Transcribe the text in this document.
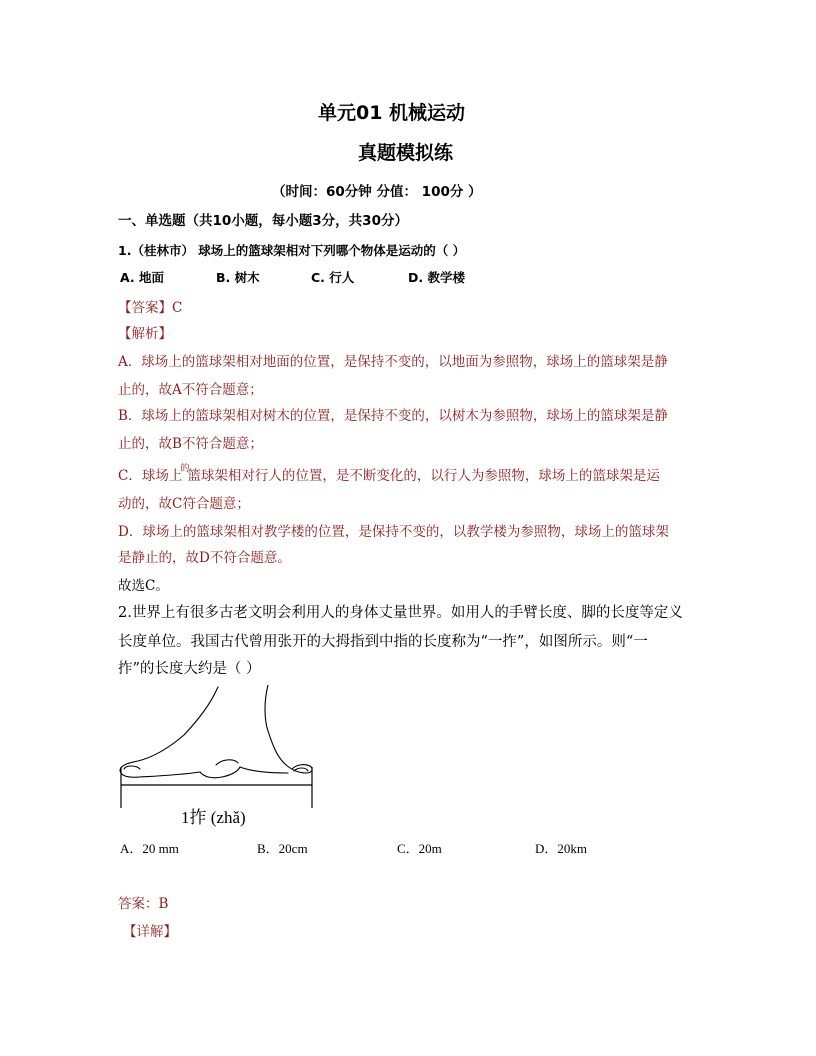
单元01 机械运动
真题模拟练
（时间：60分钟 分值： 100分 ）
一、单选题（共10小题，每小题3分，共30分）
1.（桂林市） 球场上的篮球架相对下列哪个物体是运动的（ ）
A. 地面	B. 树木	C. 行人	D. 教学楼
【答案】C
【解析】
A．球场上的篮球架相对地面的位置，是保持不变的，以地面为参照物，球场上的篮球架是静
止的，故A不符合题意；
B．球场上的篮球架相对树木的位置，是保持不变的，以树木为参照物，球场上的篮球架是静
止的，故B不符合题意；
C．球场上$^的$篮球架相对行人的位置，是不断变化的，以行人为参照物，球场上的篮球架是运
动的，故C符合题意；
D．球场上的篮球架相对教学楼的位置，是保持不变的，以教学楼为参照物，球场上的篮球架
是静止的，故D不符合题意。
故选C。
2.世界上有很多古老文明会利用人的身体丈量世界。如用人的手臂长度、脚的长度等定义
长度单位。我国古代曾用张开的大拇指到中指的长度称为“一拃”，如图所示。则“一
拃”的长度大约是（ ）
1拃 (zhǎ)
A．20 mm	B．20cm	C．20m	D．20km
答案：B
【详解】
